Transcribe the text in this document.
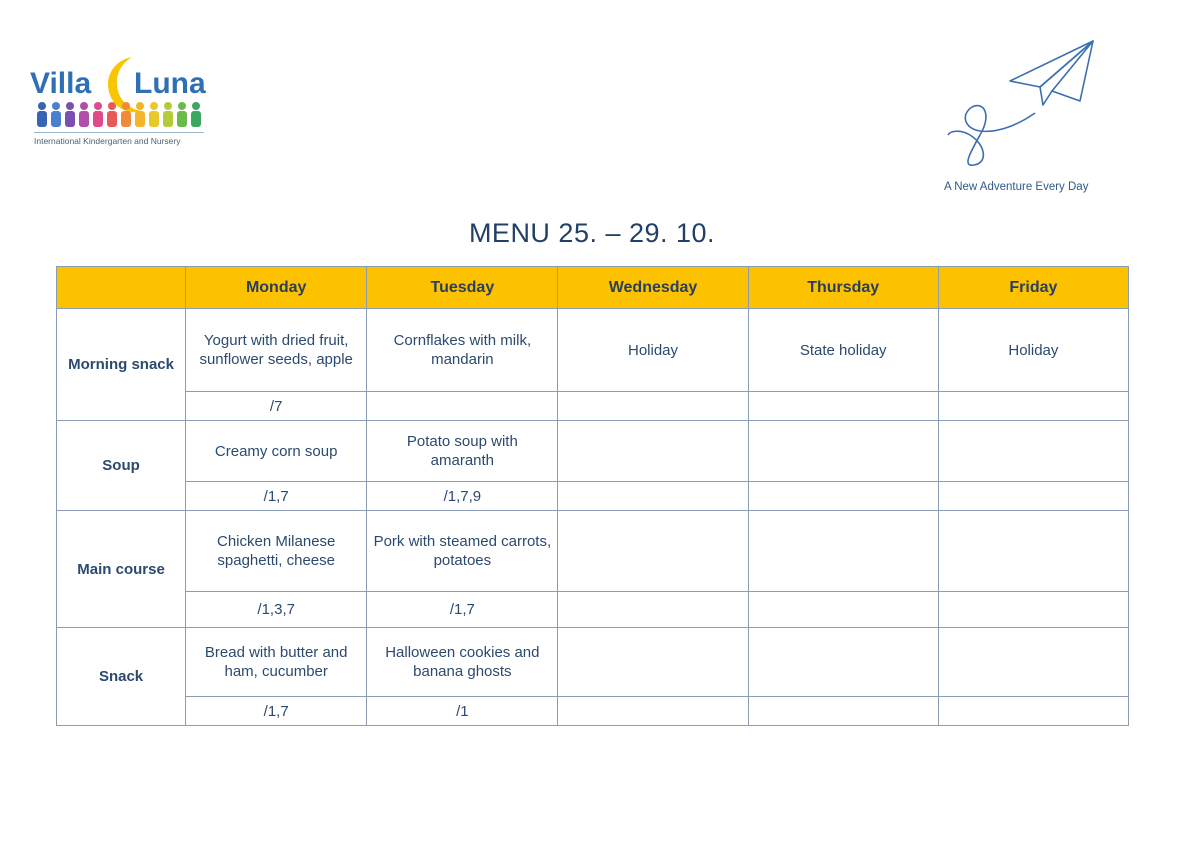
Villa Luna
International Kindergarten and Nursery
A New Adventure Every Day
MENU 25. – 29. 10.
	Monday	Tuesday	Wednesday	Thursday	Friday
Morning snack	Yogurt with dried fruit, sunflower seeds, apple	Cornflakes with milk, mandarin	Holiday	State holiday	Holiday
	/7				
Soup	Creamy corn soup	Potato soup with amaranth			
	/1,7	/1,7,9			
Main course	Chicken Milanese spaghetti, cheese	Pork with steamed carrots, potatoes			
	/1,3,7	/1,7			
Snack	Bread with butter and ham, cucumber	Halloween cookies and banana ghosts			
	/1,7	/1			
